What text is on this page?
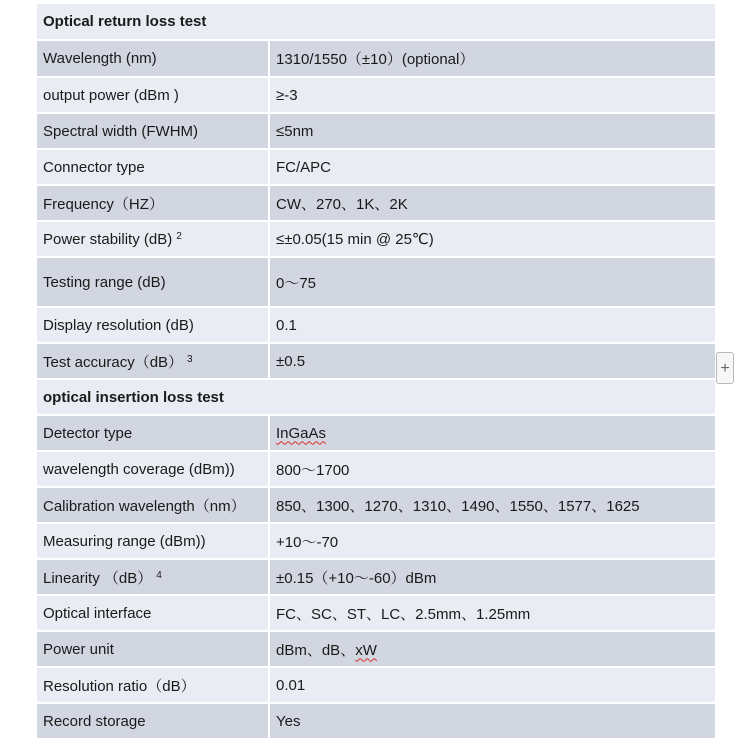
Optical return loss test	
Wavelength (nm)	1310/1550（±10）(optional）
output power (dBm )	≥-3
Spectral width (FWHM)	≤5nm
Connector type	FC/APC
Frequency（HZ）	CW、270、1K、2K
Power stability (dB) $^2$	≤±0.05(15 min @ 25℃)
Testing range (dB)	0～75
Display resolution (dB)	0.1
Test accuracy（dB） $^3$	±0.5
optical insertion loss test	
Detector type	InGaAs
wavelength coverage (dBm))	800～1700
Calibration wavelength（nm）	850、1300、1270、1310、1490、1550、1577、1625
Measuring range (dBm))	+10～-70
Linearity （dB） $^4$	±0.15（+10～-60）dBm
Optical interface	FC、SC、ST、LC、2.5mm、1.25mm
Power unit	dBm、dB、xW
Resolution ratio（dB）	0.01
Record storage	Yes
+
